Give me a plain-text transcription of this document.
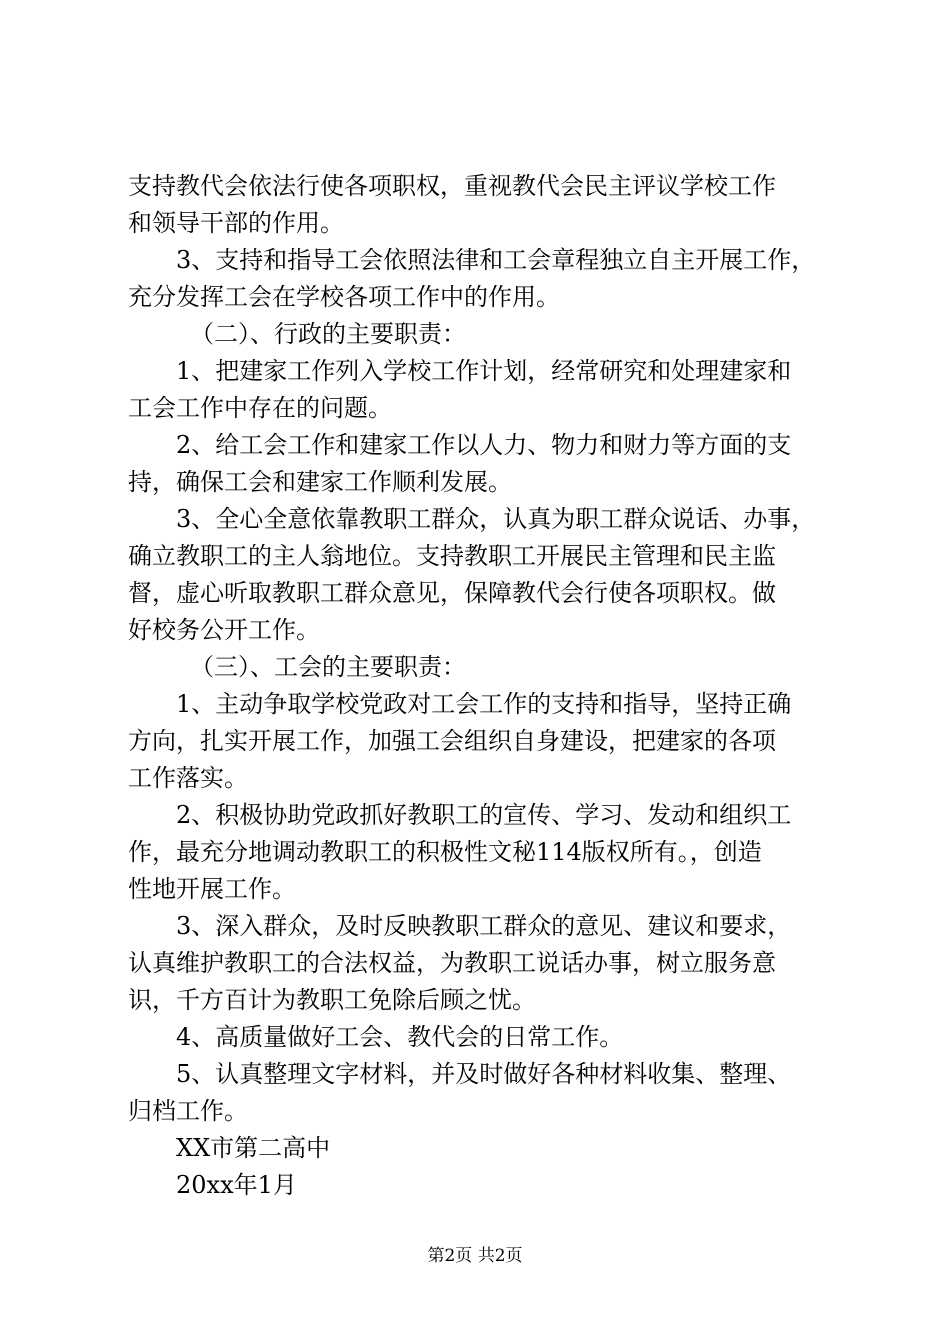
支持教代会依法行使各项职权，重视教代会民主评议学校工作
和领导干部的作用。
3、支持和指导工会依照法律和工会章程独立自主开展工作，
充分发挥工会在学校各项工作中的作用。
（二）、行政的主要职责：
1、把建家工作列入学校工作计划，经常研究和处理建家和
工会工作中存在的问题。
2、给工会工作和建家工作以人力、物力和财力等方面的支
持，确保工会和建家工作顺利发展。
3、全心全意依靠教职工群众，认真为职工群众说话、办事，
确立教职工的主人翁地位。支持教职工开展民主管理和民主监
督，虚心听取教职工群众意见，保障教代会行使各项职权。做
好校务公开工作。
（三）、工会的主要职责：
1、主动争取学校党政对工会工作的支持和指导，坚持正确
方向，扎实开展工作，加强工会组织自身建设，把建家的各项
工作落实。
2、积极协助党政抓好教职工的宣传、学习、发动和组织工
作，最充分地调动教职工的积极性文秘114版权所有。，创造
性地开展工作。
3、深入群众，及时反映教职工群众的意见、建议和要求，
认真维护教职工的合法权益，为教职工说话办事，树立服务意
识，千方百计为教职工免除后顾之忧。
4、高质量做好工会、教代会的日常工作。
5、认真整理文字材料，并及时做好各种材料收集、整理、
归档工作。
XX市第二高中
20xx年1月
第2页 共2页
